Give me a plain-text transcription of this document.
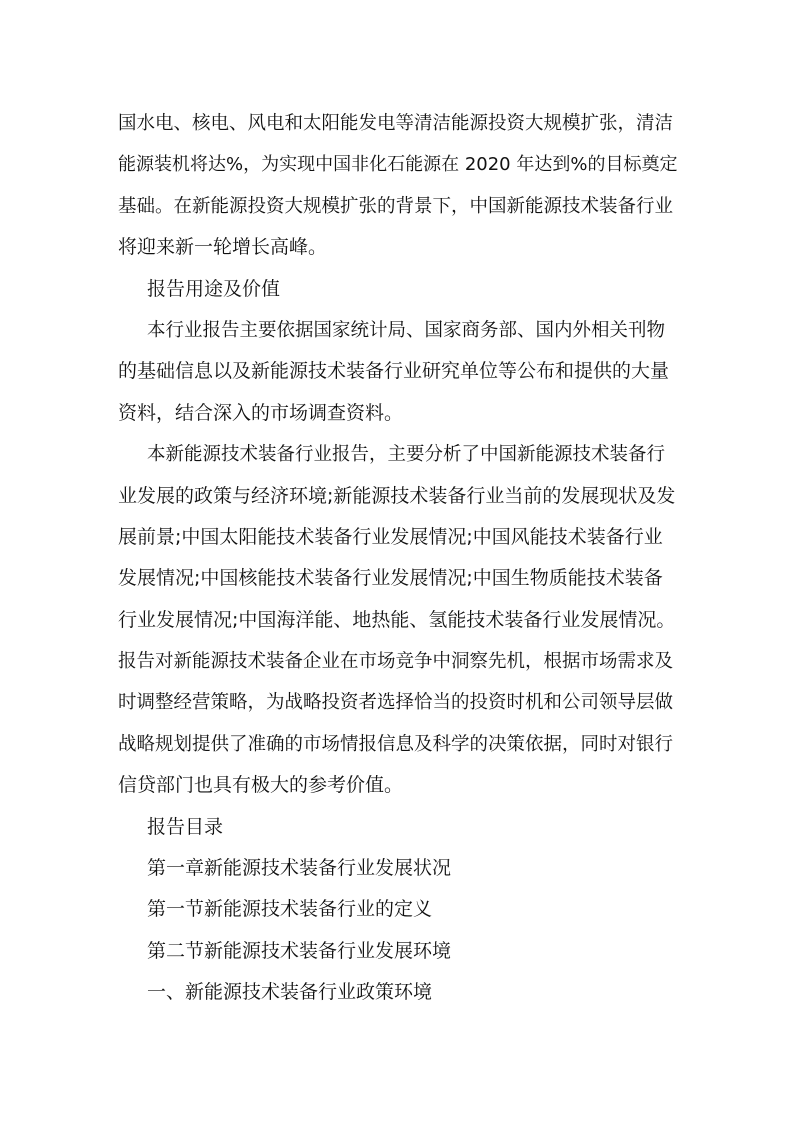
国水电、核电、风电和太阳能发电等清洁能源投资大规模扩张，清洁
能源装机将达%，为实现中国非化石能源在 2020 年达到%的目标奠定
基础。在新能源投资大规模扩张的背景下，中国新能源技术装备行业
将迎来新一轮增长高峰。
报告用途及价值
本行业报告主要依据国家统计局、国家商务部、国内外相关刊物
的基础信息以及新能源技术装备行业研究单位等公布和提供的大量
资料，结合深入的市场调查资料。
本新能源技术装备行业报告，主要分析了中国新能源技术装备行
业发展的政策与经济环境;新能源技术装备行业当前的发展现状及发
展前景;中国太阳能技术装备行业发展情况;中国风能技术装备行业
发展情况;中国核能技术装备行业发展情况;中国生物质能技术装备
行业发展情况;中国海洋能、地热能、氢能技术装备行业发展情况。
报告对新能源技术装备企业在市场竞争中洞察先机，根据市场需求及
时调整经营策略，为战略投资者选择恰当的投资时机和公司领导层做
战略规划提供了准确的市场情报信息及科学的决策依据，同时对银行
信贷部门也具有极大的参考价值。
报告目录
第一章新能源技术装备行业发展状况
第一节新能源技术装备行业的定义
第二节新能源技术装备行业发展环境
一、新能源技术装备行业政策环境
